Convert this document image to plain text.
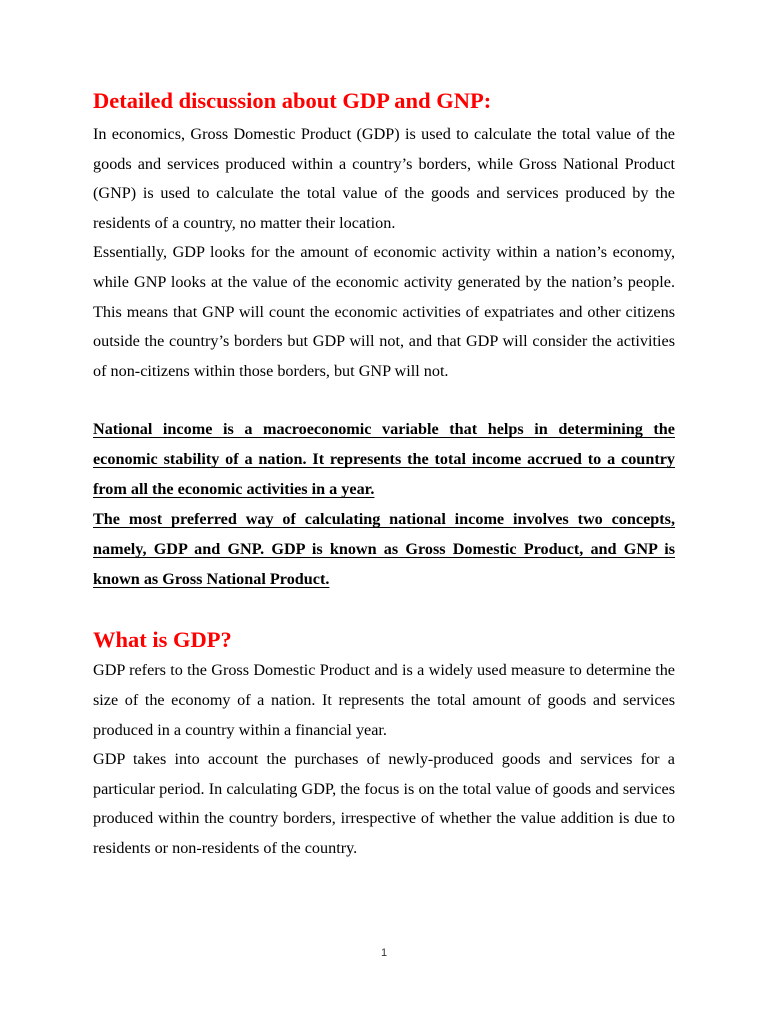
Detailed discussion about GDP and GNP:

In economics, Gross Domestic Product (GDP) is used to calculate the total value of the goods and services produced within a country’s borders, while Gross National Product (GNP) is used to calculate the total value of the goods and services produced by the residents of a country, no matter their location.

Essentially, GDP looks for the amount of economic activity within a nation’s economy, while GNP looks at the value of the economic activity generated by the nation’s people. This means that GNP will count the economic activities of expatriates and other citizens outside the country’s borders but GDP will not, and that GDP will consider the activities of non-citizens within those borders, but GNP will not.

National income is a macroeconomic variable that helps in determining the economic stability of a nation. It represents the total income accrued to a country from all the economic activities in a year.

The most preferred way of calculating national income involves two concepts, namely, GDP and GNP. GDP is known as Gross Domestic Product, and GNP is known as Gross National Product.

What is GDP?

GDP refers to the Gross Domestic Product and is a widely used measure to determine the size of the economy of a nation. It represents the total amount of goods and services produced in a country within a financial year.

GDP takes into account the purchases of newly-produced goods and services for a particular period. In calculating GDP, the focus is on the total value of goods and services produced within the country borders, irrespective of whether the value addition is due to residents or non-residents of the country.

1
